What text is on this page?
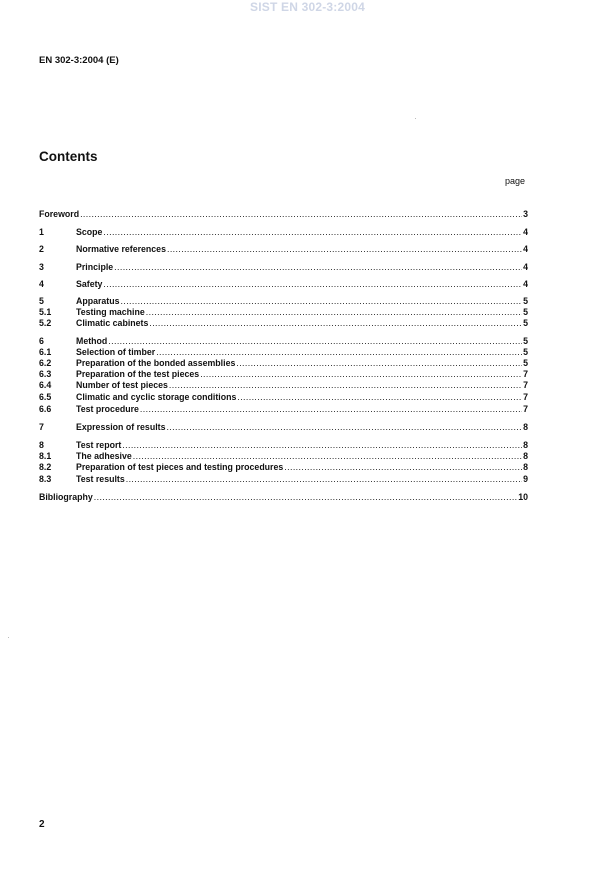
SIST EN 302-3:2004
EN 302-3:2004 (E)
Contents
page
Foreword .....	3
1	Scope .....	4
2	Normative references .....	4
3	Principle .....	4
4	Safety .....	4
5	Apparatus .....	5
5.1	Testing machine .....	5
5.2	Climatic cabinets .....	5
6	Method .....	5
6.1	Selection of timber .....	5
6.2	Preparation of the bonded assemblies .....	5
6.3	Preparation of the test pieces .....	7
6.4	Number of test pieces .....	7
6.5	Climatic and cyclic storage conditions .....	7
6.6	Test procedure .....	7
7	Expression of results .....	8
8	Test report .....	8
8.1	The adhesive .....	8
8.2	Preparation of test pieces and testing procedures .....	8
8.3	Test results .....	9
Bibliography .....	10
2
